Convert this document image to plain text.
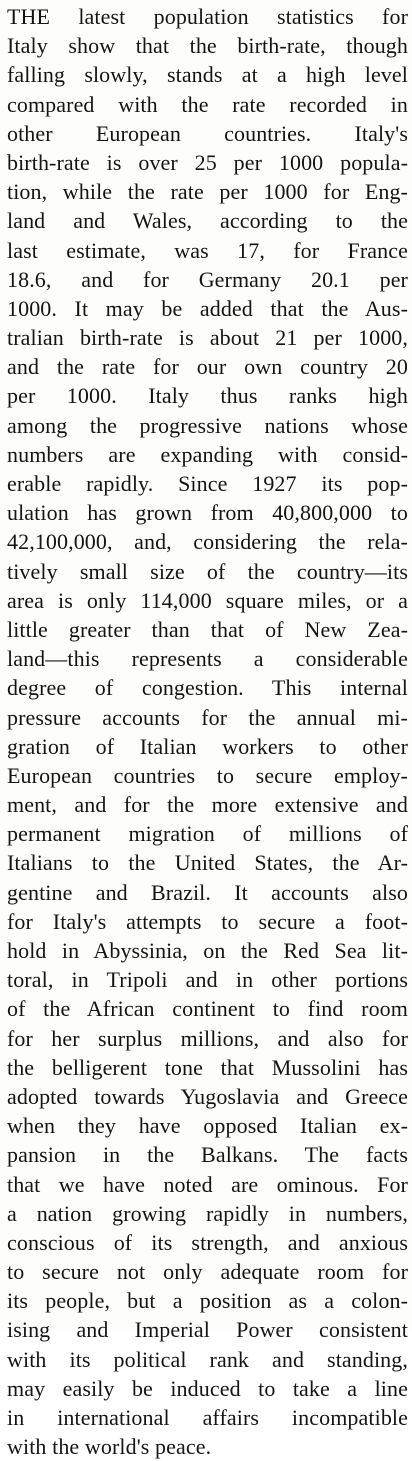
THE latest population statistics for
Italy show that the birth-rate, though
falling slowly, stands at a high level
compared with the rate recorded in
other European countries. Italy's
birth-rate is over 25 per 1000 popula-
tion, while the rate per 1000 for Eng-
land and Wales, according to the
last estimate, was 17, for France
18.6, and for Germany 20.1 per
1000. It may be added that the Aus-
tralian birth-rate is about 21 per 1000,
and the rate for our own country 20
per 1000. Italy thus ranks high
among the progressive nations whose
numbers are expanding with consid-
erable rapidly. Since 1927 its pop-
ulation has grown from 40,800,000 to
42,100,000, and, considering the rela-
tively small size of the country—its
area is only 114,000 square miles, or a
little greater than that of New Zea-
land—this represents a considerable
degree of congestion. This internal
pressure accounts for the annual mi-
gration of Italian workers to other
European countries to secure employ-
ment, and for the more extensive and
permanent migration of millions of
Italians to the United States, the Ar-
gentine and Brazil. It accounts also
for Italy's attempts to secure a foot-
hold in Abyssinia, on the Red Sea lit-
toral, in Tripoli and in other portions
of the African continent to find room
for her surplus millions, and also for
the belligerent tone that Mussolini has
adopted towards Yugoslavia and Greece
when they have opposed Italian ex-
pansion in the Balkans. The facts
that we have noted are ominous. For
a nation growing rapidly in numbers,
conscious of its strength, and anxious
to secure not only adequate room for
its people, but a position as a colon-
ising and Imperial Power consistent
with its political rank and standing,
may easily be induced to take a line
in international affairs incompatible
with the world's peace.
